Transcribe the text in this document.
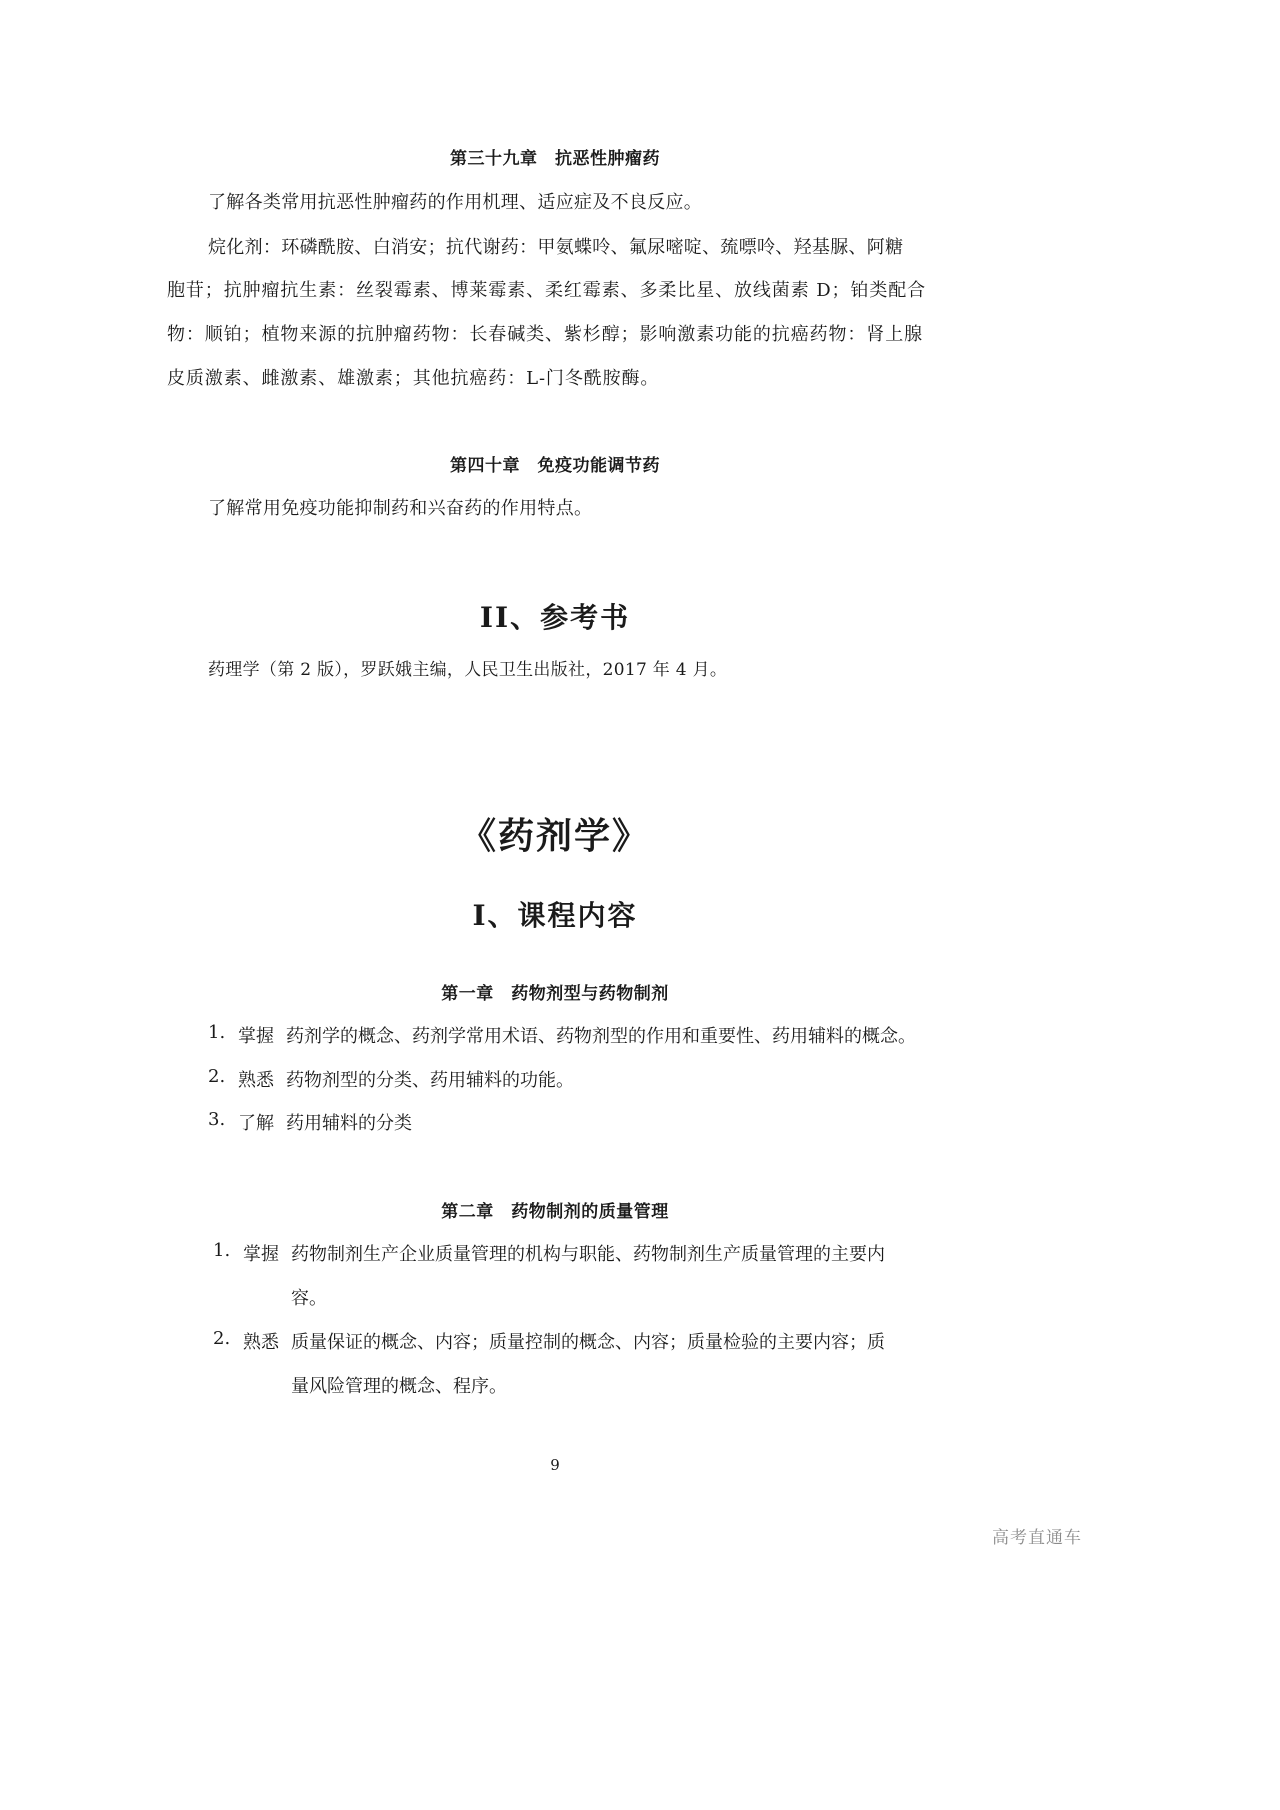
第三十九章　抗恶性肿瘤药

了解各类常用抗恶性肿瘤药的作用机理、适应症及不良反应。

烷化剂：环磷酰胺、白消安；抗代谢药：甲氨蝶呤、氟尿嘧啶、巯嘌呤、羟基脲、阿糖

胞苷；抗肿瘤抗生素：丝裂霉素、博莱霉素、柔红霉素、多柔比星、放线菌素 D；铂类配合

物：顺铂；植物来源的抗肿瘤药物：长春碱类、紫杉醇；影响激素功能的抗癌药物：肾上腺

皮质激素、雌激素、雄激素；其他抗癌药：L-门冬酰胺酶。

第四十章　免疫功能调节药

了解常用免疫功能抑制药和兴奋药的作用特点。

II、参考书

药理学（第 2 版），罗跃娥主编，人民卫生出版社，2017 年 4 月。

《药剂学》
I、课程内容
第一章　药物剂型与药物制剂
1. 掌握 药剂学的概念、药剂学常用术语、药物剂型的作用和重要性、药用辅料的概念。
2. 熟悉 药物剂型的分类、药用辅料的功能。
3. 了解 药用辅料的分类
第二章　药物制剂的质量管理
1. 掌握 药物制剂生产企业质量管理的机构与职能、药物制剂生产质量管理的主要内
容。
2. 熟悉 质量保证的概念、内容；质量控制的概念、内容；质量检验的主要内容；质
量风险管理的概念、程序。
9
高考直通车
